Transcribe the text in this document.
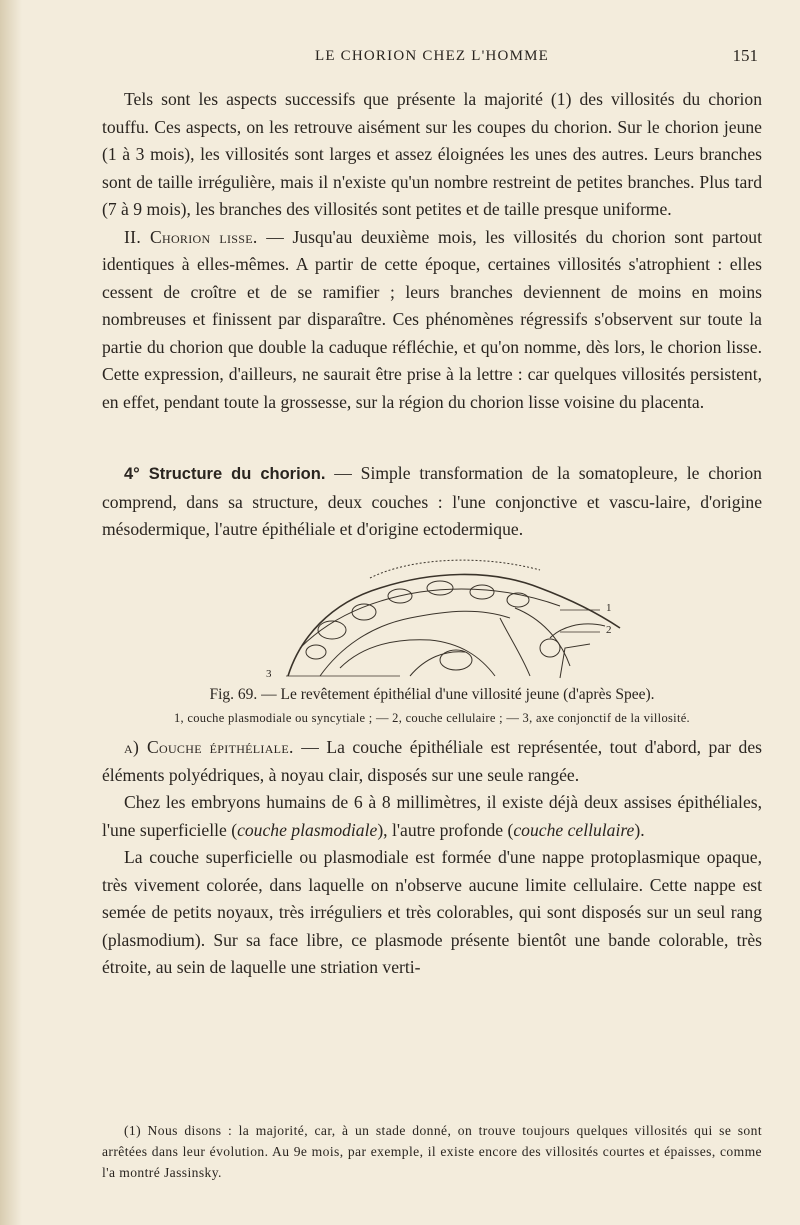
LE CHORION CHEZ L'HOMME	151

Tels sont les aspects successifs que présente la majorité (1) des villosités du chorion touffu. Ces aspects, on les retrouve aisément sur les coupes du chorion. Sur le chorion jeune (1 à 3 mois), les villosités sont larges et assez éloignées les unes des autres. Leurs branches sont de taille irrégulière, mais il n'existe qu'un nombre restreint de petites branches. Plus tard (7 à 9 mois), les branches des villosités sont petites et de taille presque uniforme.

II. Chorion lisse. — Jusqu'au deuxième mois, les villosités du chorion sont partout identiques à elles-mêmes. A partir de cette époque, certaines villosités s'atrophient : elles cessent de croître et de se ramifier ; leurs branches deviennent de moins en moins nombreuses et finissent par disparaître. Ces phénomènes régressifs s'observent sur toute la partie du chorion que double la caduque réfléchie, et qu'on nomme, dès lors, le chorion lisse. Cette expression, d'ailleurs, ne saurait être prise à la lettre : car quelques villosités persistent, en effet, pendant toute la grossesse, sur la région du chorion lisse voisine du placenta.

4° Structure du chorion. — Simple transformation de la somatopleure, le chorion comprend, dans sa structure, deux couches : l'une conjonctive et vascu-laire, d'origine mésodermique, l'autre épithéliale et d'origine ectodermique.

1
2
3
Fig. 69. — Le revêtement épithélial d'une villosité jeune (d'après Spee).
1, couche plasmodiale ou syncytiale ; — 2, couche cellulaire ; — 3, axe conjonctif de la villosité.

a) Couche épithéliale. — La couche épithéliale est représentée, tout d'abord, par des éléments polyédriques, à noyau clair, disposés sur une seule rangée.

Chez les embryons humains de 6 à 8 millimètres, il existe déjà deux assises épithéliales, l'une superficielle (couche plasmodiale), l'autre profonde (couche cellulaire).

La couche superficielle ou plasmodiale est formée d'une nappe protoplasmique opaque, très vivement colorée, dans laquelle on n'observe aucune limite cellulaire. Cette nappe est semée de petits noyaux, très irréguliers et très colorables, qui sont disposés sur un seul rang (plasmodium). Sur sa face libre, ce plasmode présente bientôt une bande colorable, très étroite, au sein de laquelle une striation verti-

(1) Nous disons : la majorité, car, à un stade donné, on trouve toujours quelques villosités qui se sont arrêtées dans leur évolution. Au 9e mois, par exemple, il existe encore des villosités courtes et épaisses, comme l'a montré Jassinsky.
